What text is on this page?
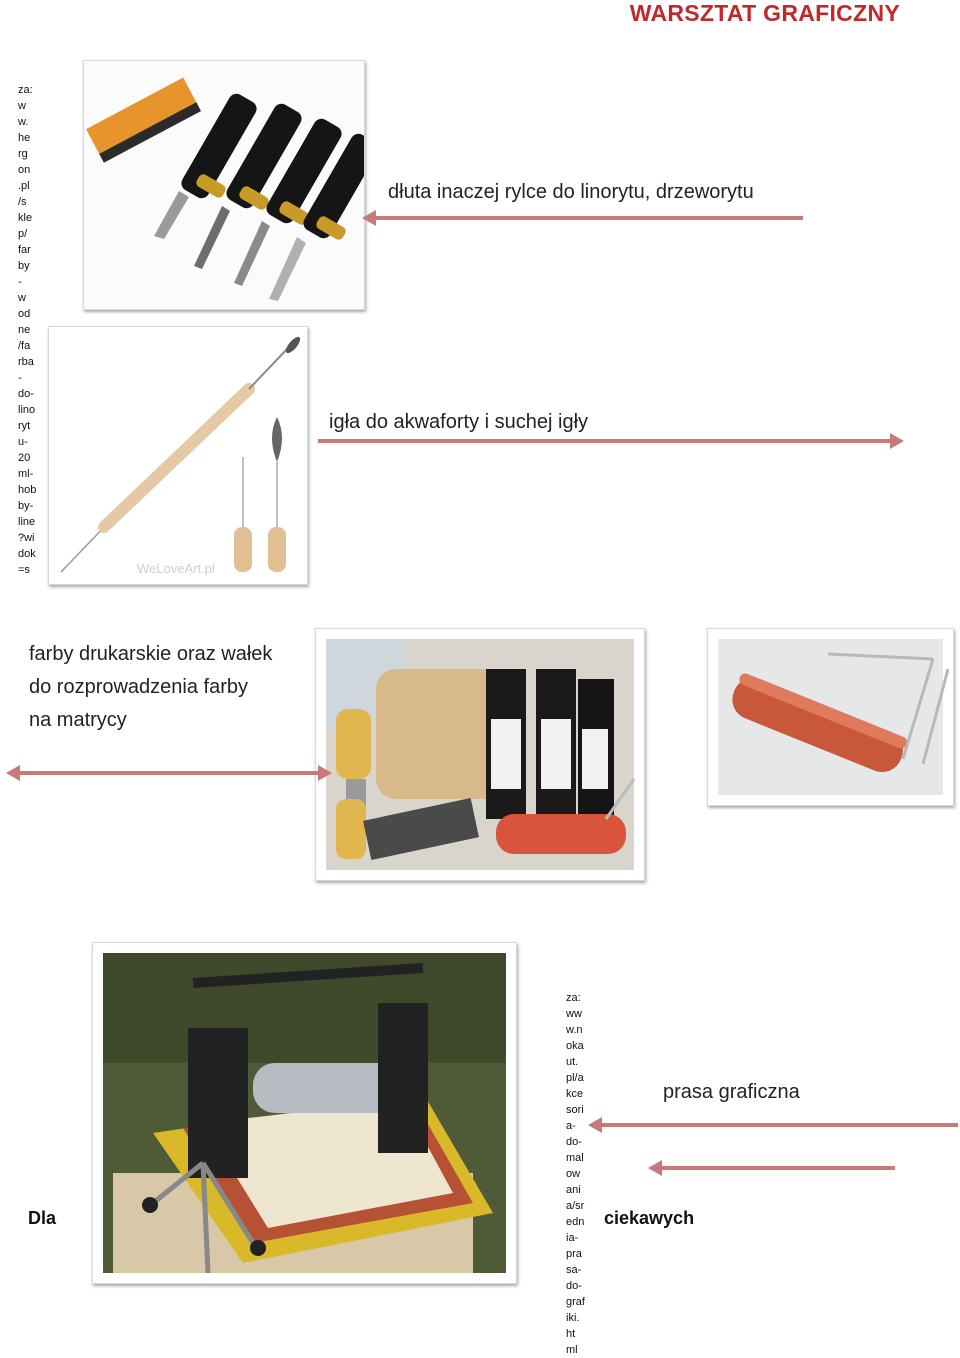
WARSZTAT GRAFICZNY
za:
w
w.
he
rg
on
.pl
/s
kle
p/
far
by
-
w
od
ne
/fa
rba
-
do-
lino
ryt
u-
20
ml-
hob
by-
line
?wi
dok
=s	WeLoveArt.pl
dłuta inaczej rylce do linorytu, drzeworytu
igła do akwaforty i suchej igły
farby drukarskie oraz wałek
do rozprowadzenia farby
na matrycy
za:
ww
w.n
oka
ut.
pl/a
kce
sori
a-
do-
mal
ow
ani
a/sr
edn
ia-
pra
sa-
do-
graf
iki.
ht
ml
prasa graficzna
Dla	ciekawych
